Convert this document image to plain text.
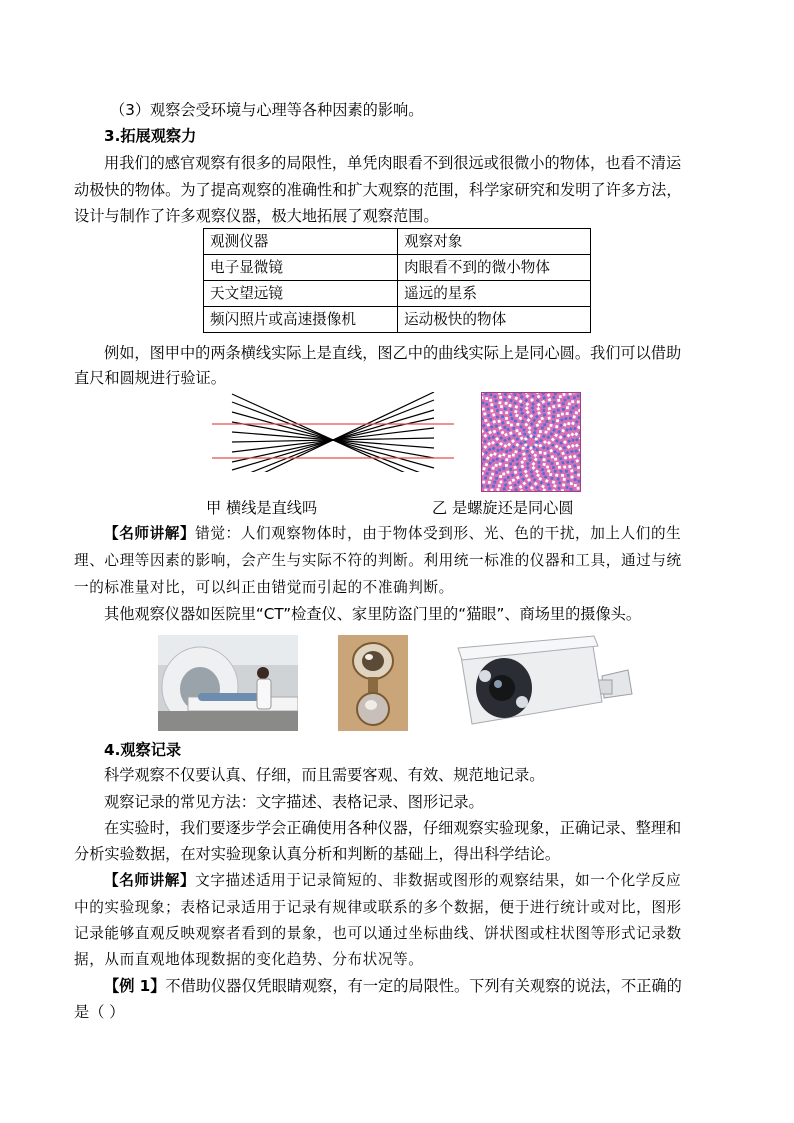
（3）观察会受环境与心理等各种因素的影响。
3.拓展观察力
用我们的感官观察有很多的局限性，单凭肉眼看不到很远或很微小的物体，也看不清运
动极快的物体。为了提高观察的准确性和扩大观察的范围，科学家研究和发明了许多方法，
设计与制作了许多观察仪器，极大地拓展了观察范围。
观测仪器	观察对象
电子显微镜	肉眼看不到的微小物体
天文望远镜	遥远的星系
频闪照片或高速摄像机	运动极快的物体
例如，图甲中的两条横线实际上是直线，图乙中的曲线实际上是同心圆。我们可以借助
直尺和圆规进行验证。
甲 横线是直线吗	乙 是螺旋还是同心圆
【名师讲解】错觉：人们观察物体时，由于物体受到形、光、色的干扰，加上人们的生
理、心理等因素的影响，会产生与实际不符的判断。利用统一标准的仪器和工具，通过与统
一的标准量对比，可以纠正由错觉而引起的不准确判断。
其他观察仪器如医院里“CT”检查仪、家里防盗门里的“猫眼”、商场里的摄像头。
4.观察记录
科学观察不仅要认真、仔细，而且需要客观、有效、规范地记录。
观察记录的常见方法：文字描述、表格记录、图形记录。
在实验时，我们要逐步学会正确使用各种仪器，仔细观察实验现象，正确记录、整理和
分析实验数据，在对实验现象认真分析和判断的基础上，得出科学结论。
【名师讲解】文字描述适用于记录简短的、非数据或图形的观察结果，如一个化学反应
中的实验现象；表格记录适用于记录有规律或联系的多个数据，便于进行统计或对比，图形
记录能够直观反映观察者看到的景象，也可以通过坐标曲线、饼状图或柱状图等形式记录数
据，从而直观地体现数据的变化趋势、分布状况等。
【例 1】不借助仪器仅凭眼睛观察，有一定的局限性。下列有关观察的说法，不正确的
是（ ）
